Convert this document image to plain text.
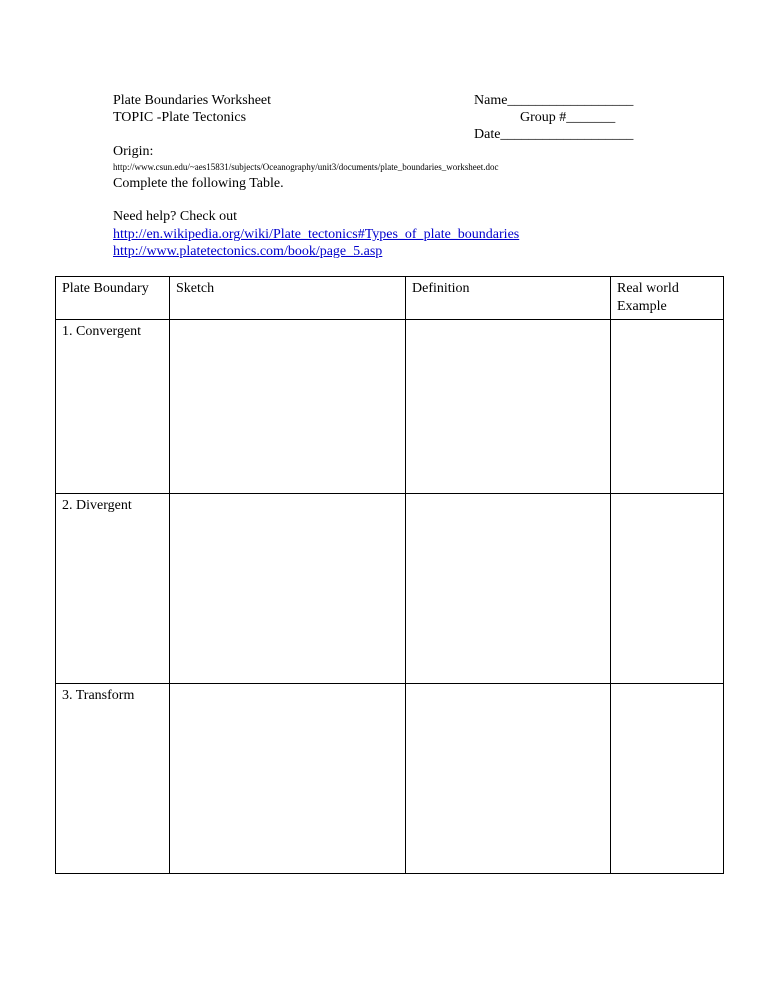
Plate Boundaries Worksheet
TOPIC -Plate Tectonics
Name__________________
Group #_______
Date___________________
Origin:
http://www.csun.edu/~aes15831/subjects/Oceanography/unit3/documents/plate_boundaries_worksheet.doc
Complete the following Table.
Need help? Check out
http://en.wikipedia.org/wiki/Plate_tectonics#Types_of_plate_boundaries
http://www.platetectonics.com/book/page_5.asp
Plate Boundary	Sketch	Definition	Real world
Example
1. Convergent			
2. Divergent			
3. Transform			
